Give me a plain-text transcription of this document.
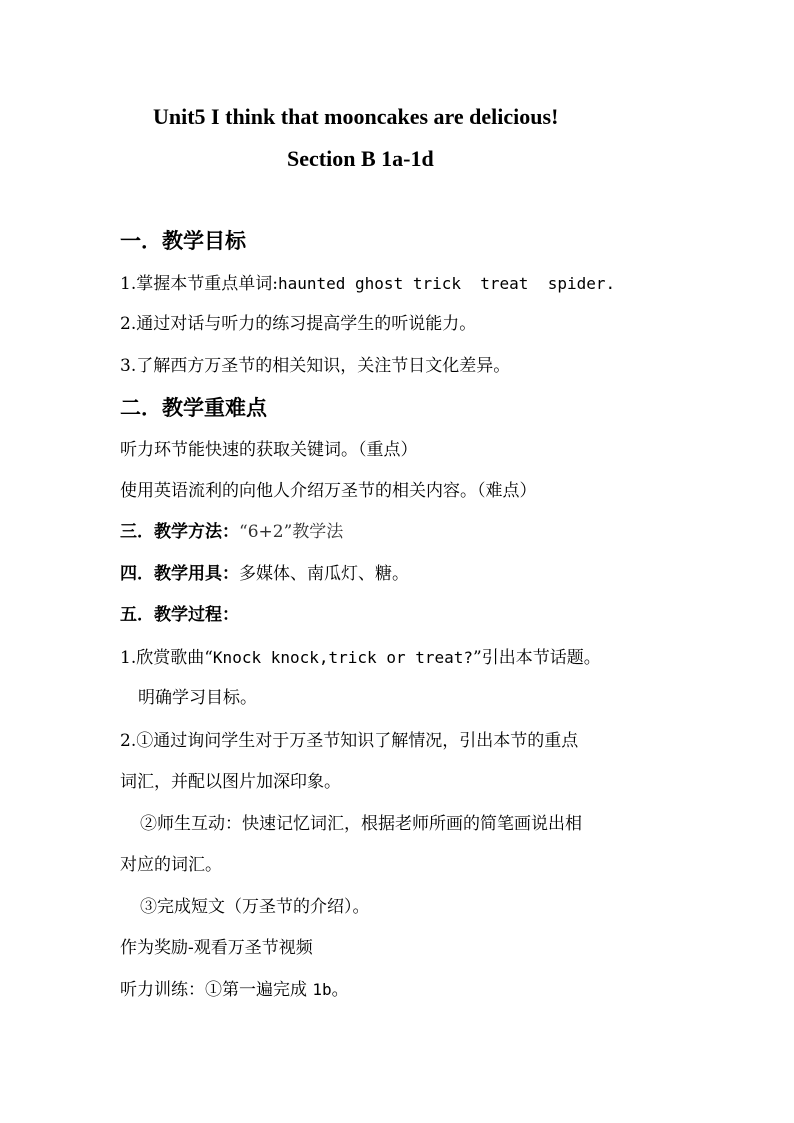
Unit5 I think that mooncakes are delicious!
Section B 1a-1d
一．教学目标
1.掌握本节重点单词:haunted ghost trick  treat  spider.
2.通过对话与听力的练习提高学生的听说能力。
3.了解西方万圣节的相关知识，关注节日文化差异。
二．教学重难点
听力环节能快速的获取关键词。（重点）
使用英语流利的向他人介绍万圣节的相关内容。（难点）
三．教学方法：“6+2”教学法
四．教学用具：多媒体、南瓜灯、糖。
五．教学过程：
1.欣赏歌曲“Knock knock,trick or treat?”引出本节话题。
明确学习目标。
2.①通过询问学生对于万圣节知识了解情况，引出本节的重点
词汇，并配以图片加深印象。
②师生互动：快速记忆词汇，根据老师所画的简笔画说出相
对应的词汇。
③完成短文（万圣节的介绍）。
作为奖励-观看万圣节视频
听力训练：①第一遍完成 1b。
